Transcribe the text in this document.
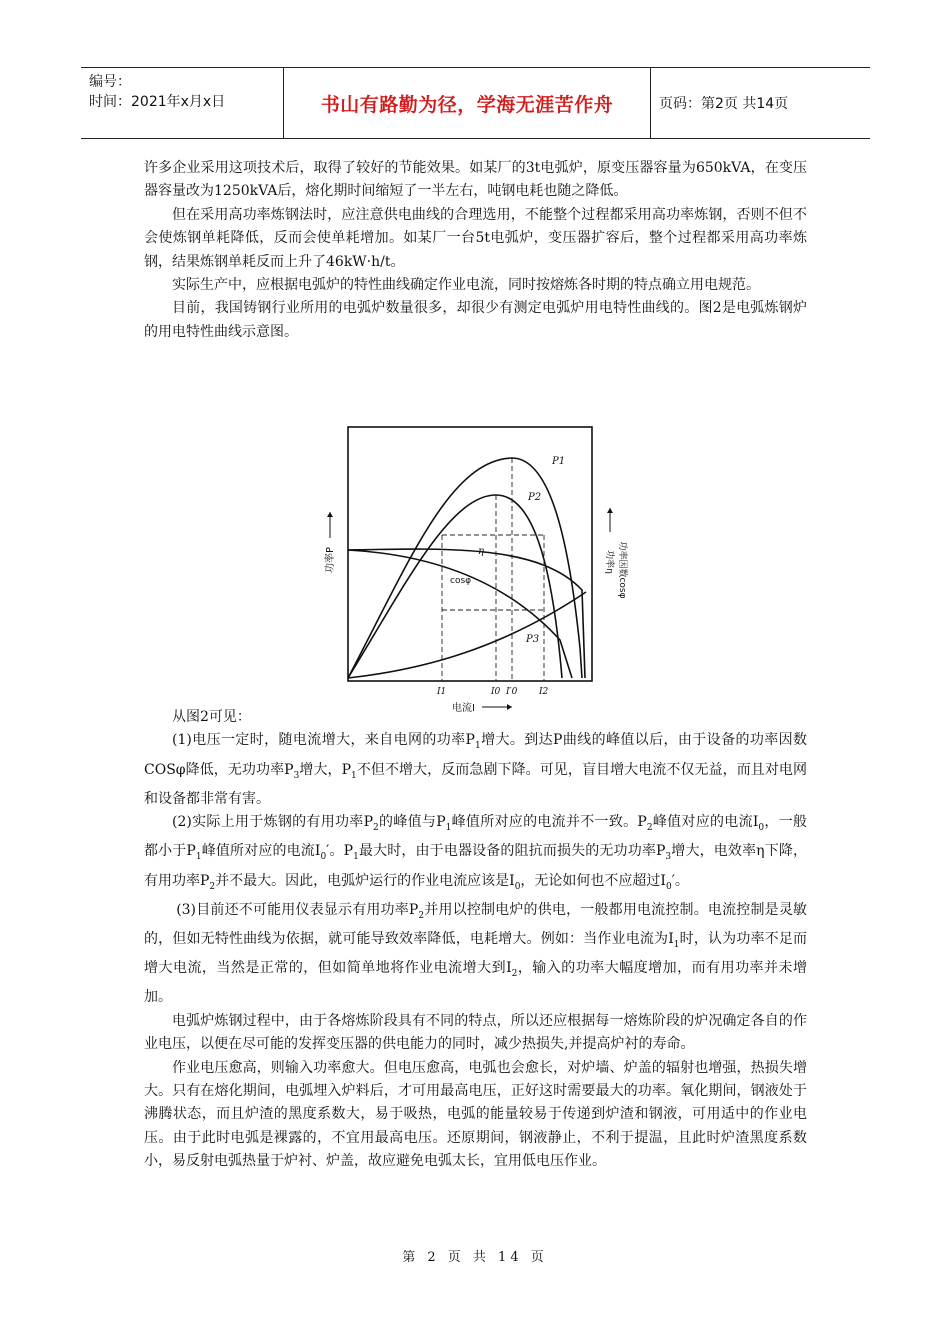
编号：
时间：2021年x月x日	书山有路勤为径，学海无涯苦作舟	页码：第2页 共14页

许多企业采用这项技术后，取得了较好的节能效果。如某厂的3t电弧炉，原变压器容量为650kVA，在变压器容量改为1250kVA后，熔化期时间缩短了一半左右，吨钢电耗也随之降低。

但在采用高功率炼钢法时，应注意供电曲线的合理选用，不能整个过程都采用高功率炼钢，否则不但不会使炼钢单耗降低，反而会使单耗增加。如某厂一台5t电弧炉，变压器扩容后，整个过程都采用高功率炼钢，结果炼钢单耗反而上升了46kW·h/t。

实际生产中，应根据电弧炉的特性曲线确定作业电流，同时按熔炼各时期的特点确立用电规范。

目前，我国铸钢行业所用的电弧炉数量很多，却很少有测定电弧炉用电特性曲线的。图2是电弧炼钢炉的用电特性曲线示意图。

P1
P2
η
P3
cosφ
I1	I0 I′0 I2
电流I
功率P	功率η 功率因数cosφ

从图2可见：

(1)电压一定时，随电流增大，来自电网的功率$P_1$增大。到达P曲线的峰值以后，由于设备的功率因数COSφ降低，无功功率$P_3$增大，$P_1$不但不增大，反而急剧下降。可见，盲目增大电流不仅无益，而且对电网和设备都非常有害。

(2)实际上用于炼钢的有用功率$P_2$的峰值与$P_1$峰值所对应的电流并不一致。$P_2$峰值对应的电流$I_0$，一般都小于$P_1$峰值所对应的电流$I_0'$。$P_1$最大时，由于电器设备的阻抗而损失的无功功率$P_3$增大，电效率η下降，有用功率$P_2$并不最大。因此，电弧炉运行的作业电流应该是$I_0$，无论如何也不应超过$I_0'$。

(3)目前还不可能用仪表显示有用功率$P_2$并用以控制电炉的供电，一般都用电流控制。电流控制是灵敏的，但如无特性曲线为依据，就可能导致效率降低，电耗增大。例如：当作业电流为$I_1$时，认为功率不足而增大电流，当然是正常的，但如简单地将作业电流增大到$I_2$，输入的功率大幅度增加，而有用功率并未增加。

电弧炉炼钢过程中，由于各熔炼阶段具有不同的特点，所以还应根据每一熔炼阶段的炉况确定各自的作业电压，以便在尽可能的发挥变压器的供电能力的同时，减少热损失,并提高炉衬的寿命。

作业电压愈高，则输入功率愈大。但电压愈高，电弧也会愈长，对炉墙、炉盖的辐射也增强，热损失增大。只有在熔化期间，电弧埋入炉料后，才可用最高电压，正好这时需要最大的功率。氧化期间，钢液处于沸腾状态，而且炉渣的黑度系数大，易于吸热，电弧的能量较易于传递到炉渣和钢液，可用适中的作业电压。由于此时电弧是裸露的，不宜用最高电压。还原期间，钢液静止，不利于提温，且此时炉渣黑度系数小，易反射电弧热量于炉衬、炉盖，故应避免电弧太长，宜用低电压作业。

第 2 页 共 14 页
